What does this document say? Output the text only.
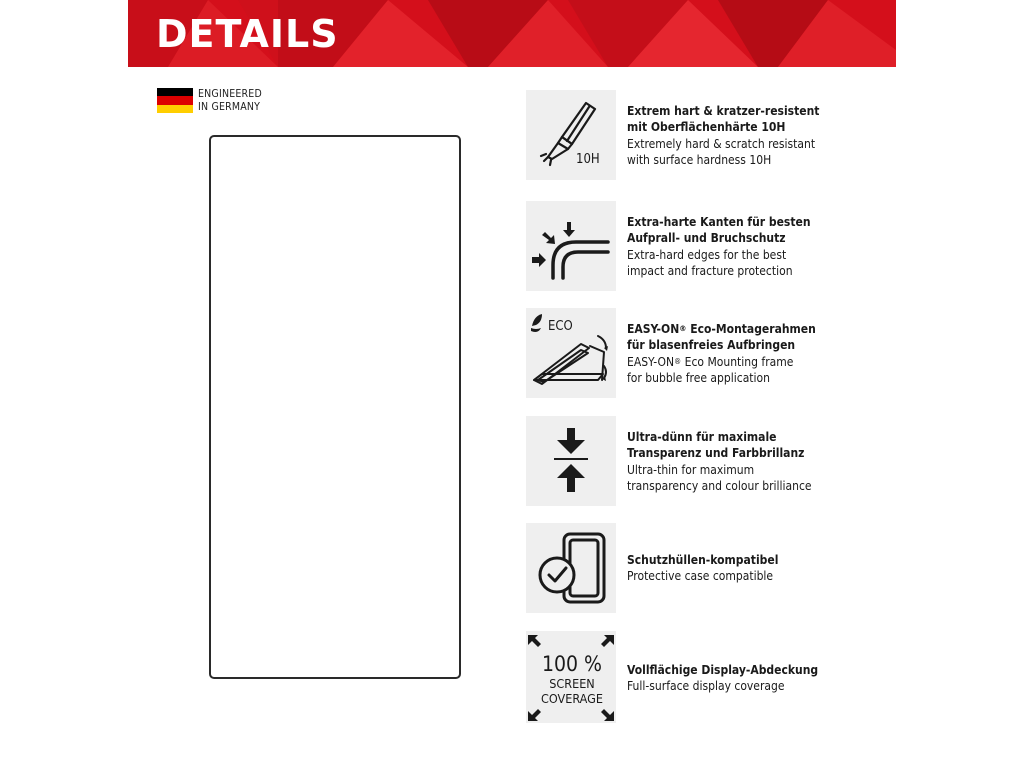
DETAILS
ENGINEERED
IN GERMANY
10H
Extrem hart & kratzer-resistent
mit Oberflächenhärte 10H
Extremely hard & scratch resistant
with surface hardness 10H
Extra-harte Kanten für besten
Aufprall- und Bruchschutz
Extra-hard edges for the best
impact and fracture protection
ECO	EASY-ON® Eco-Montagerahmen
für blasenfreies Aufbringen
EASY-ON® Eco Mounting frame
for bubble free application
Ultra-dünn für maximale
Transparenz und Farbbrillanz
Ultra-thin for maximum
transparency and colour brilliance
Schutzhüllen-kompatibel
Protective case compatible
100 %
SCREEN
COVERAGE
Vollflächige Display-Abdeckung
Full-surface display coverage
